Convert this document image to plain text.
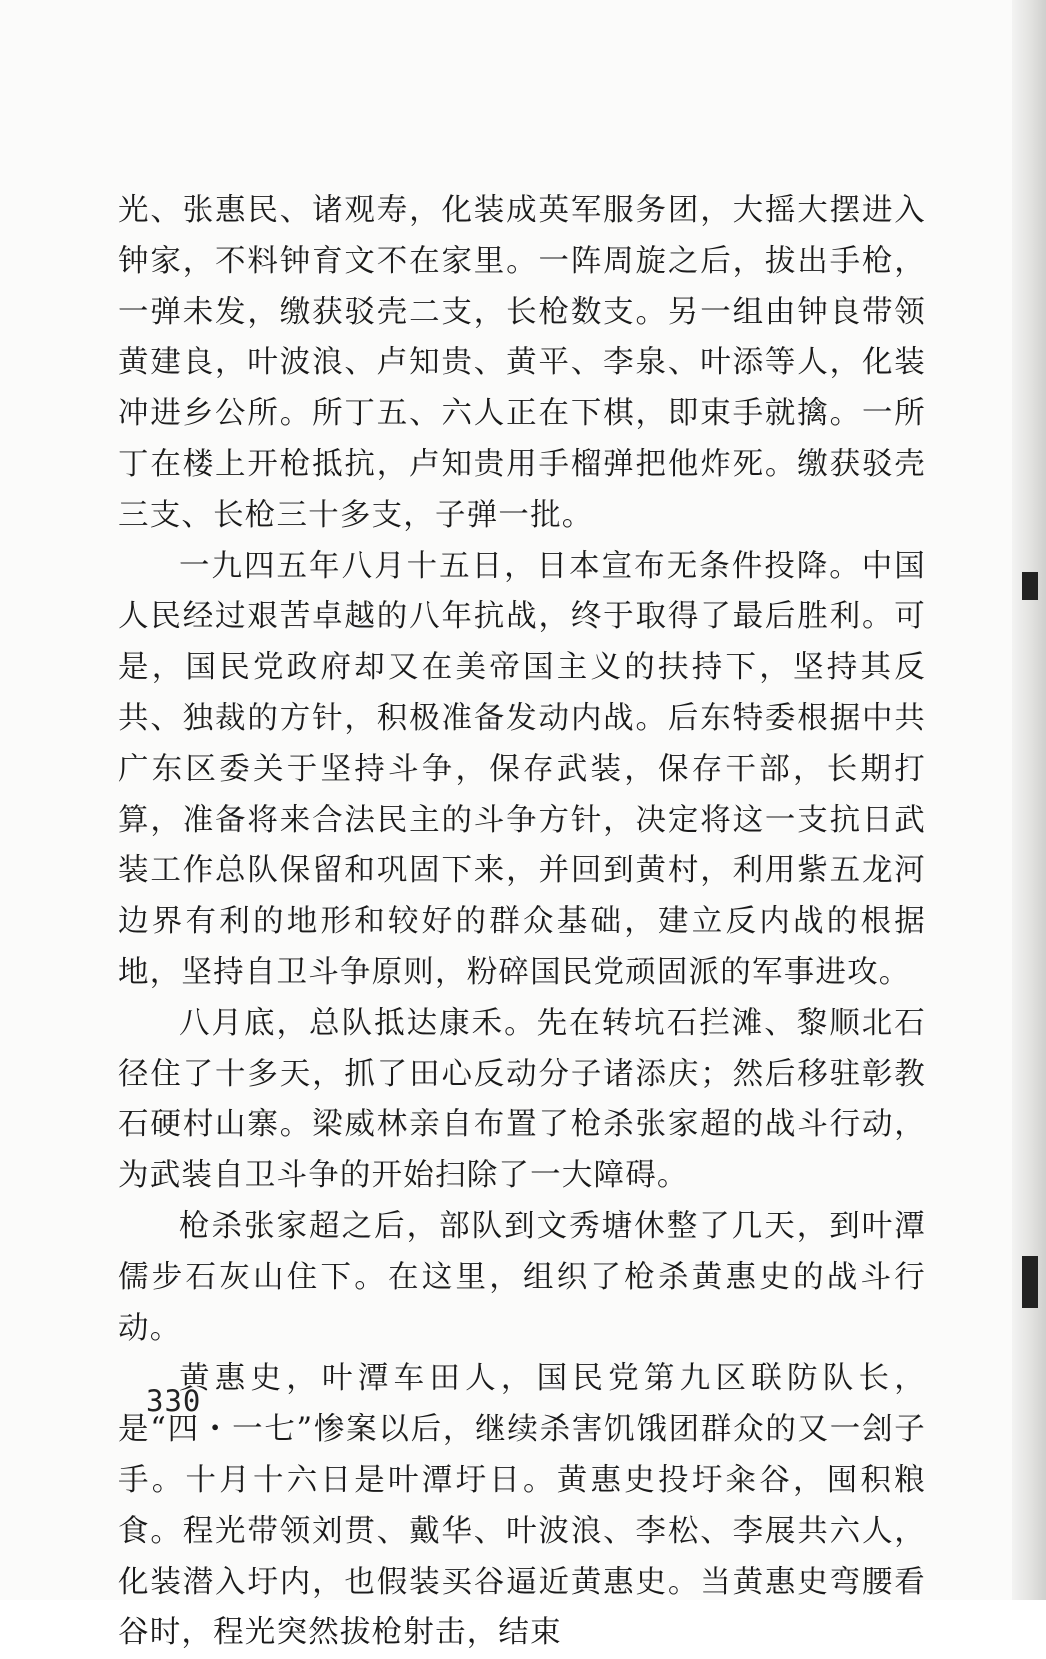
光、张惠民、诸观寿，化装成英军服务团，大摇大摆进入钟家，不料钟育文不在家里。一阵周旋之后，拔出手枪，一弹未发，缴获驳壳二支，长枪数支。另一组由钟良带领黄建良，叶波浪、卢知贵、黄平、李泉、叶添等人，化装冲进乡公所。所丁五、六人正在下棋，即束手就擒。一所丁在楼上开枪抵抗，卢知贵用手榴弹把他炸死。缴获驳壳三支、长枪三十多支，子弹一批。

一九四五年八月十五日，日本宣布无条件投降。中国人民经过艰苦卓越的八年抗战，终于取得了最后胜利。可是，国民党政府却又在美帝国主义的扶持下，坚持其反共、独裁的方针，积极准备发动内战。后东特委根据中共广东区委关于坚持斗争，保存武装，保存干部，长期打算，准备将来合法民主的斗争方针，决定将这一支抗日武装工作总队保留和巩固下来，并回到黄村，利用紫五龙河边界有利的地形和较好的群众基础，建立反内战的根据地，坚持自卫斗争原则，粉碎国民党顽固派的军事进攻。

八月底，总队抵达康禾。先在转坑石拦滩、黎顺北石径住了十多天，抓了田心反动分子诸添庆；然后移驻彰教石硬村山寨。梁威林亲自布置了枪杀张家超的战斗行动，为武装自卫斗争的开始扫除了一大障碍。

枪杀张家超之后，部队到文秀塘休整了几天，到叶潭儒步石灰山住下。在这里，组织了枪杀黄惠史的战斗行动。

黄惠史，叶潭车田人，国民党第九区联防队长，是“四・一七”惨案以后，继续杀害饥饿团群众的又一刽子手。十月十六日是叶潭圩日。黄惠史投圩籴谷，囤积粮食。程光带领刘贯、戴华、叶波浪、李松、李展共六人，化装潜入圩内，也假装买谷逼近黄惠史。当黄惠史弯腰看谷时，程光突然拔枪射击，结束

330
